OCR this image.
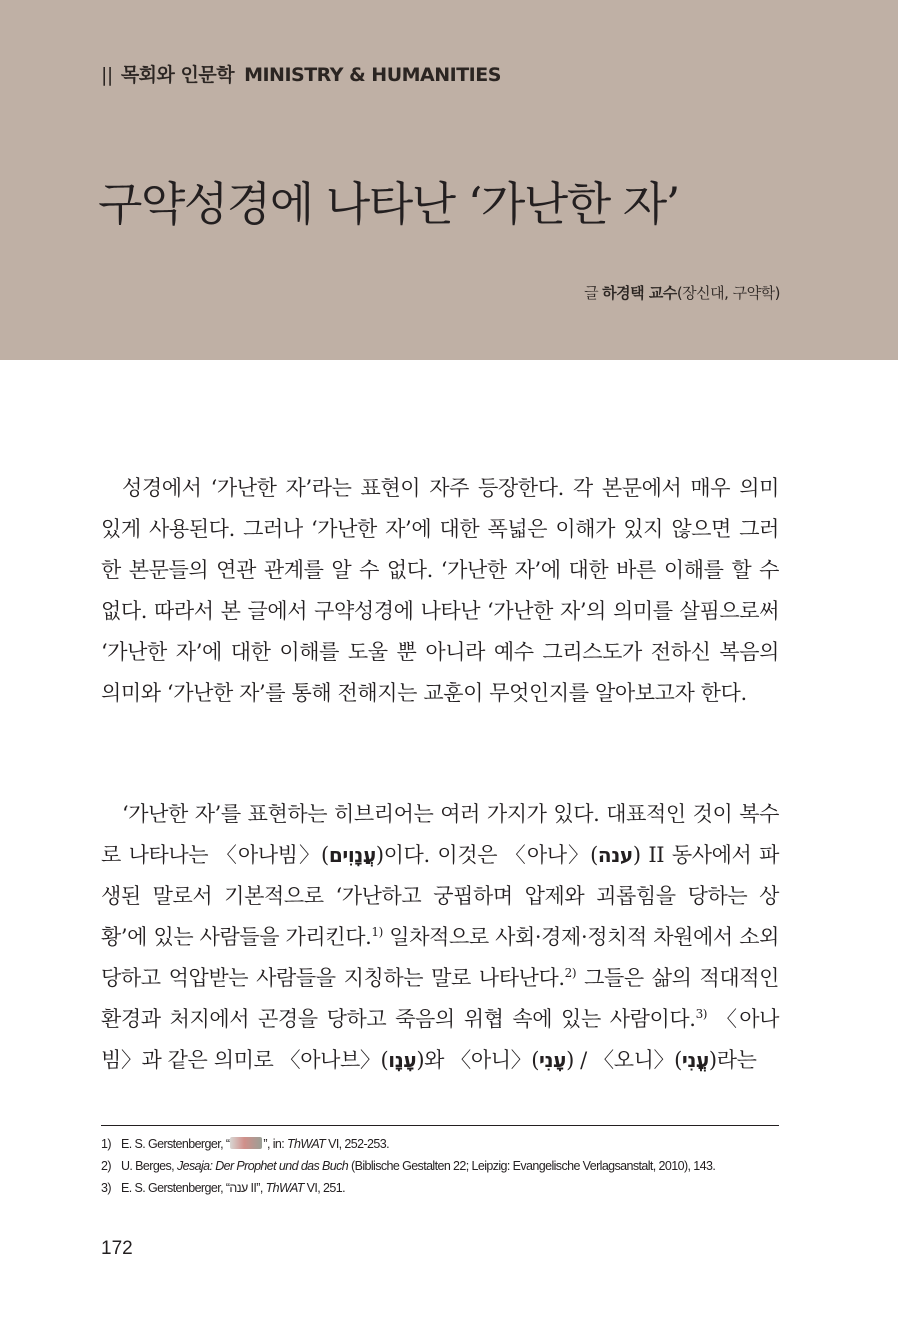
|| 목회와 인문학 MINISTRY & HUMANITIES
구약성경에 나타난 ‘가난한 자’
글 하경택 교수(장신대, 구약학)

성경에서 ‘가난한 자’라는 표현이 자주 등장한다. 각 본문에서 매우 의미 있게 사용된다. 그러나 ‘가난한 자’에 대한 폭넓은 이해가 있지 않으면 그러한 본문들의 연관 관계를 알 수 없다. ‘가난한 자’에 대한 바른 이해를 할 수 없다. 따라서 본 글에서 구약성경에 나타난 ‘가난한 자’의 의미를 살핌으로써 ‘가난한 자’에 대한 이해를 도울 뿐 아니라 예수 그리스도가 전하신 복음의 의미와 ‘가난한 자’를 통해 전해지는 교훈이 무엇인지를 알아보고자 한다.

‘가난한 자’를 표현하는 히브리어는 여러 가지가 있다. 대표적인 것이 복수로 나타나는 〈아나빔〉(עֲנָוִים)이다. 이것은 〈아나〉(ענה) II 동사에서 파생된 말로서 기본적으로 ‘가난하고 궁핍하며 압제와 괴롭힘을 당하는 상황’에 있는 사람들을 가리킨다.$^{1)}$ 일차적으로 사회·경제·정치적 차원에서 소외당하고 억압받는 사람들을 지칭하는 말로 나타난다.$^{2)}$ 그들은 삶의 적대적인 환경과 처지에서 곤경을 당하고 죽음의 위협 속에 있는 사람이다.$^{3)}$ 〈아나빔〉과 같은 의미로 〈아나브〉(עָנָו)와 〈아니〉(עָנִי) / 〈오니〉(עֳנִי)라는

1) E. S. Gerstenberger, “	”, in: ThWAT VI, 252-253.
2) U. Berges, Jesaja: Der Prophet und das Buch (Biblische Gestalten 22; Leipzig: Evangelische Verlagsanstalt, 2010), 143.
3) E. S. Gerstenberger, “ענה II”, ThWAT VI, 251.
172
